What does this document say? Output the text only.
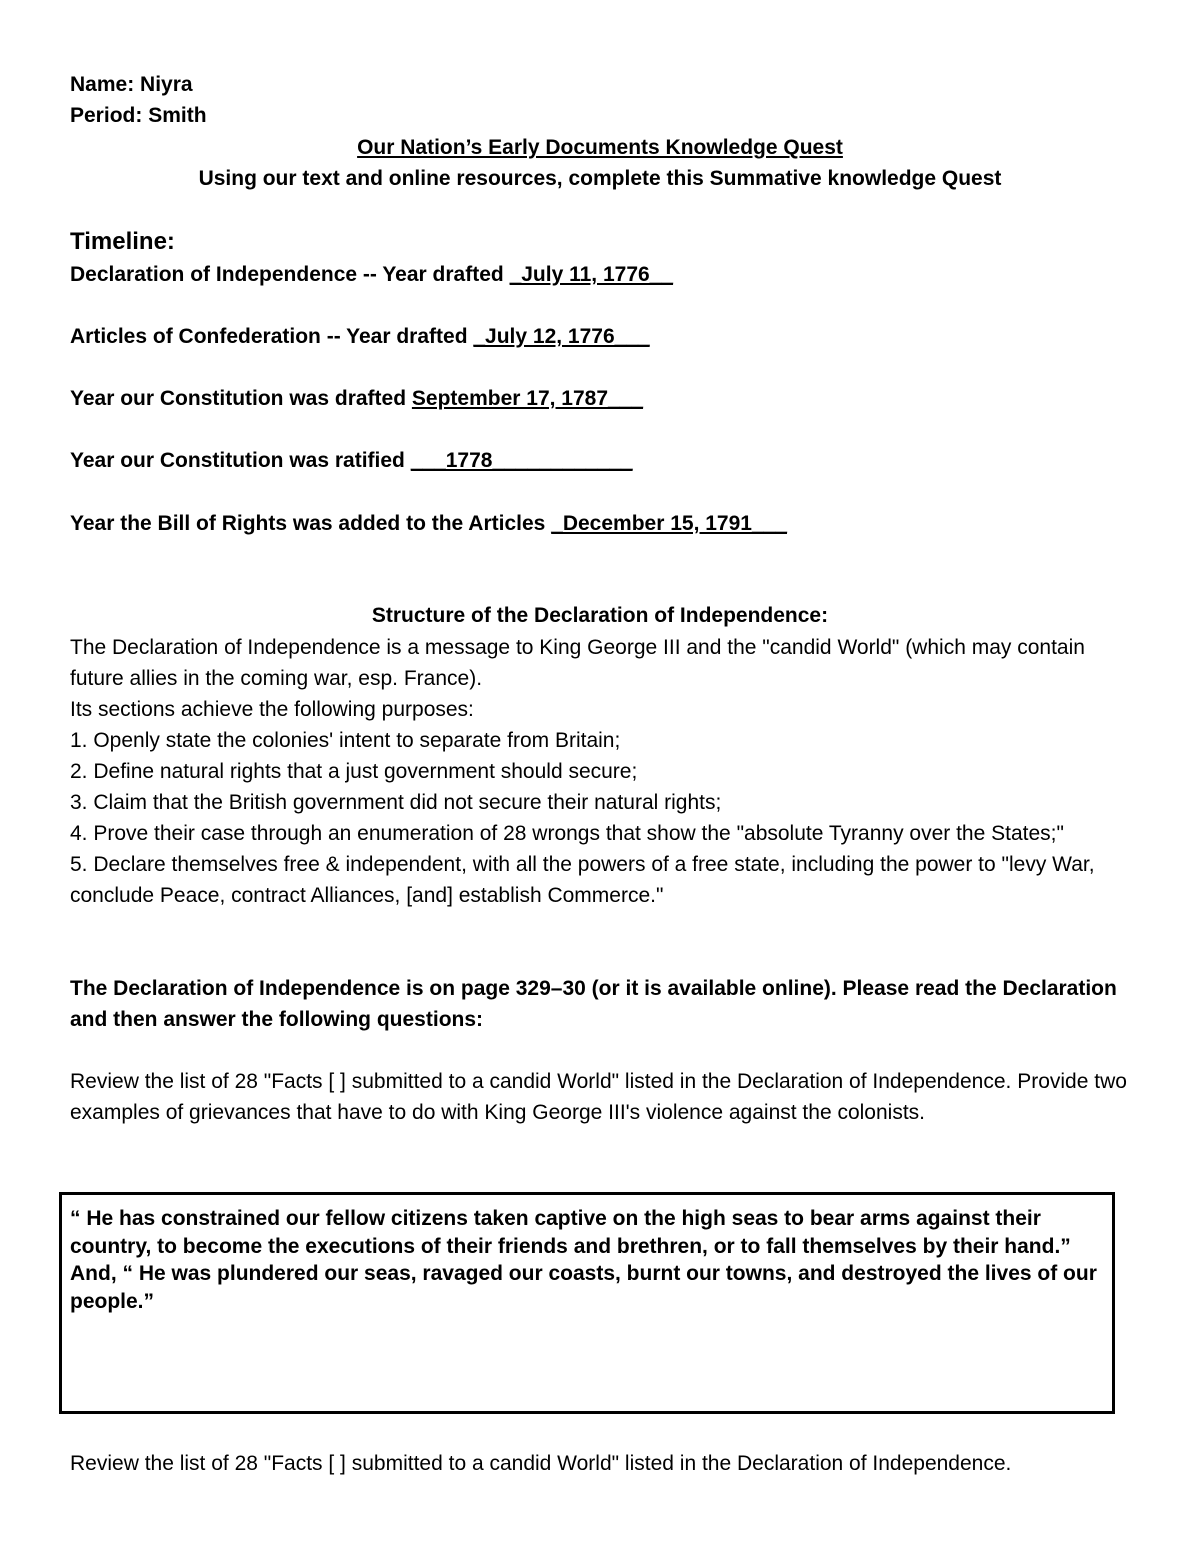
Name: Niyra
Period: Smith
Our Nation’s Early Documents Knowledge Quest
Using our text and online resources, complete this Summative knowledge Quest
Timeline:
Declaration of Independence -- Year drafted _July 11, 1776__
Articles of Confederation -- Year drafted _July 12, 1776___
Year our Constitution was drafted September 17, 1787___
Year our Constitution was ratified ___1778____________
Year the Bill of Rights was added to the Articles _December 15, 1791___
Structure of the Declaration of Independence:

The Declaration of Independence is a message to King George III and the "candid World" (which may contain future allies in the coming war, esp. France).

Its sections achieve the following purposes:

1. Openly state the colonies' intent to separate from Britain;

2. Define natural rights that a just government should secure;

3. Claim that the British government did not secure their natural rights;

4. Prove their case through an enumeration of 28 wrongs that show the "absolute Tyranny over the States;"

5. Declare themselves free & independent, with all the powers of a free state, including the power to "levy War, conclude Peace, contract Alliances, [and] establish Commerce."

The Declaration of Independence is on page 329–30 (or it is available online). Please read the Declaration and then answer the following questions:
Review the list of 28 "Facts [ ] submitted to a candid World" listed in the Declaration of Independence. Provide two examples of grievances that have to do with King George III's violence against the colonists.
“ He has constrained our fellow citizens taken captive on the high seas to bear arms against their country, to become the executions of their friends and brethren, or to fall themselves by their hand.” And, “ He was plundered our seas, ravaged our coasts, burnt our towns, and destroyed the lives of our people.”
Review the list of 28 "Facts [ ] submitted to a candid World" listed in the Declaration of Independence.
